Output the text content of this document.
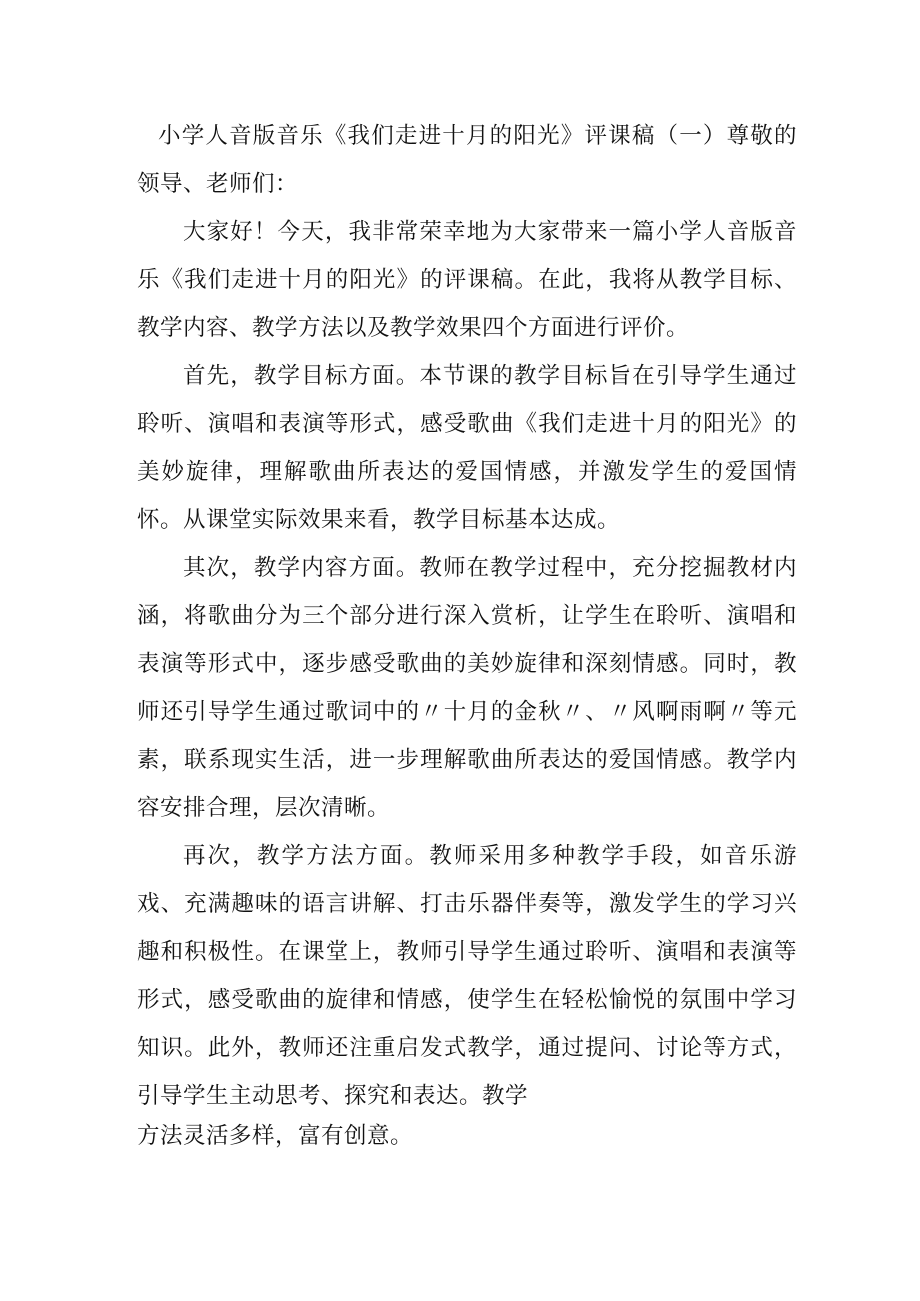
小学人音版音乐《我们走进十月的阳光》评课稿（一）尊敬的领导、老师们：

大家好！今天，我非常荣幸地为大家带来一篇小学人音版音乐《我们走进十月的阳光》的评课稿。在此，我将从教学目标、教学内容、教学方法以及教学效果四个方面进行评价。

首先，教学目标方面。本节课的教学目标旨在引导学生通过聆听、演唱和表演等形式，感受歌曲《我们走进十月的阳光》的美妙旋律，理解歌曲所表达的爱国情感，并激发学生的爱国情怀。从课堂实际效果来看，教学目标基本达成。

其次，教学内容方面。教师在教学过程中，充分挖掘教材内涵，将歌曲分为三个部分进行深入赏析，让学生在聆听、演唱和表演等形式中，逐步感受歌曲的美妙旋律和深刻情感。同时，教师还引导学生通过歌词中的〃十月的金秋〃、〃风啊雨啊〃等元素，联系现实生活，进一步理解歌曲所表达的爱国情感。教学内容安排合理，层次清晰。

再次，教学方法方面。教师采用多种教学手段，如音乐游戏、充满趣味的语言讲解、打击乐器伴奏等，激发学生的学习兴趣和积极性。在课堂上，教师引导学生通过聆听、演唱和表演等形式，感受歌曲的旋律和情感，使学生在轻松愉悦的氛围中学习知识。此外，教师还注重启发式教学，通过提问、讨论等方式，引导学生主动思考、探究和表达。教学

方法灵活多样，富有创意。
